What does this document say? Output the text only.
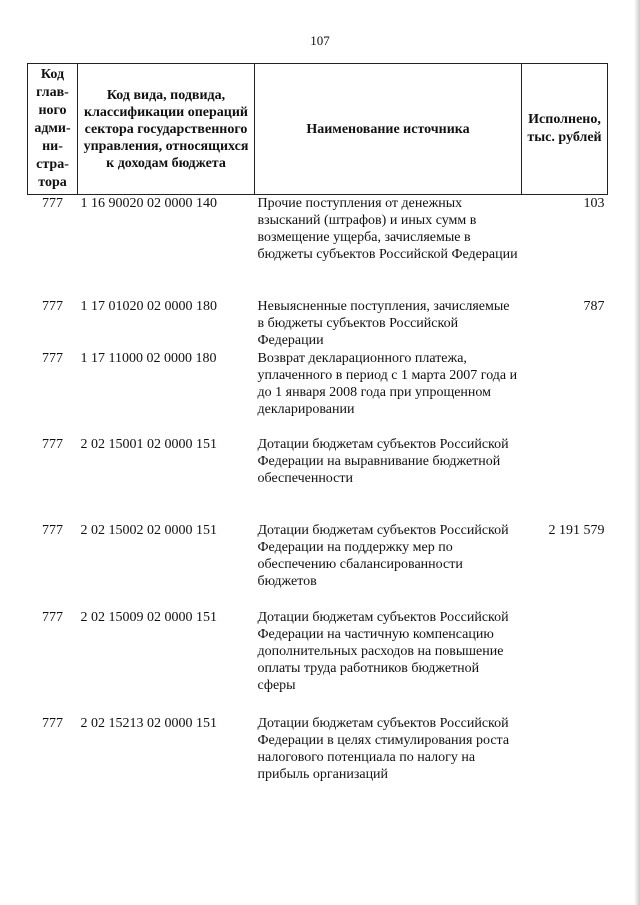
107
Код глав-ного адми-ни-стра-тора	Код вида, подвида, классификации операций сектора государственного управления, относящихся к доходам бюджета	Наименование источника	Исполнено, тыс. рублей
777	1 16 90020 02 0000 140	Прочие поступления от денежных взысканий (штрафов) и иных сумм в возмещение ущерба, зачисляемые в бюджеты субъектов Российской Федерации	103
777	1 17 01020 02 0000 180	Невыясненные поступления, зачисляемые в бюджеты субъектов Российской Федерации	787
777	1 17 11000 02 0000 180	Возврат декларационного платежа, уплаченного в период с 1 марта 2007 года и до 1 января 2008 года при упрощенном декларировании	
777	2 02 15001 02 0000 151	Дотации бюджетам субъектов Российской Федерации на выравнивание бюджетной обеспеченности	
777	2 02 15002 02 0000 151	Дотации бюджетам субъектов Российской Федерации на поддержку мер по обеспечению сбалансированности бюджетов	2 191 579
777	2 02 15009 02 0000 151	Дотации бюджетам субъектов Российской Федерации на частичную компенсацию дополнительных расходов на повышение оплаты труда работников бюджетной сферы	
777	2 02 15213 02 0000 151	Дотации бюджетам субъектов Российской Федерации в целях стимулирования роста налогового потенциала по налогу на прибыль организаций	
